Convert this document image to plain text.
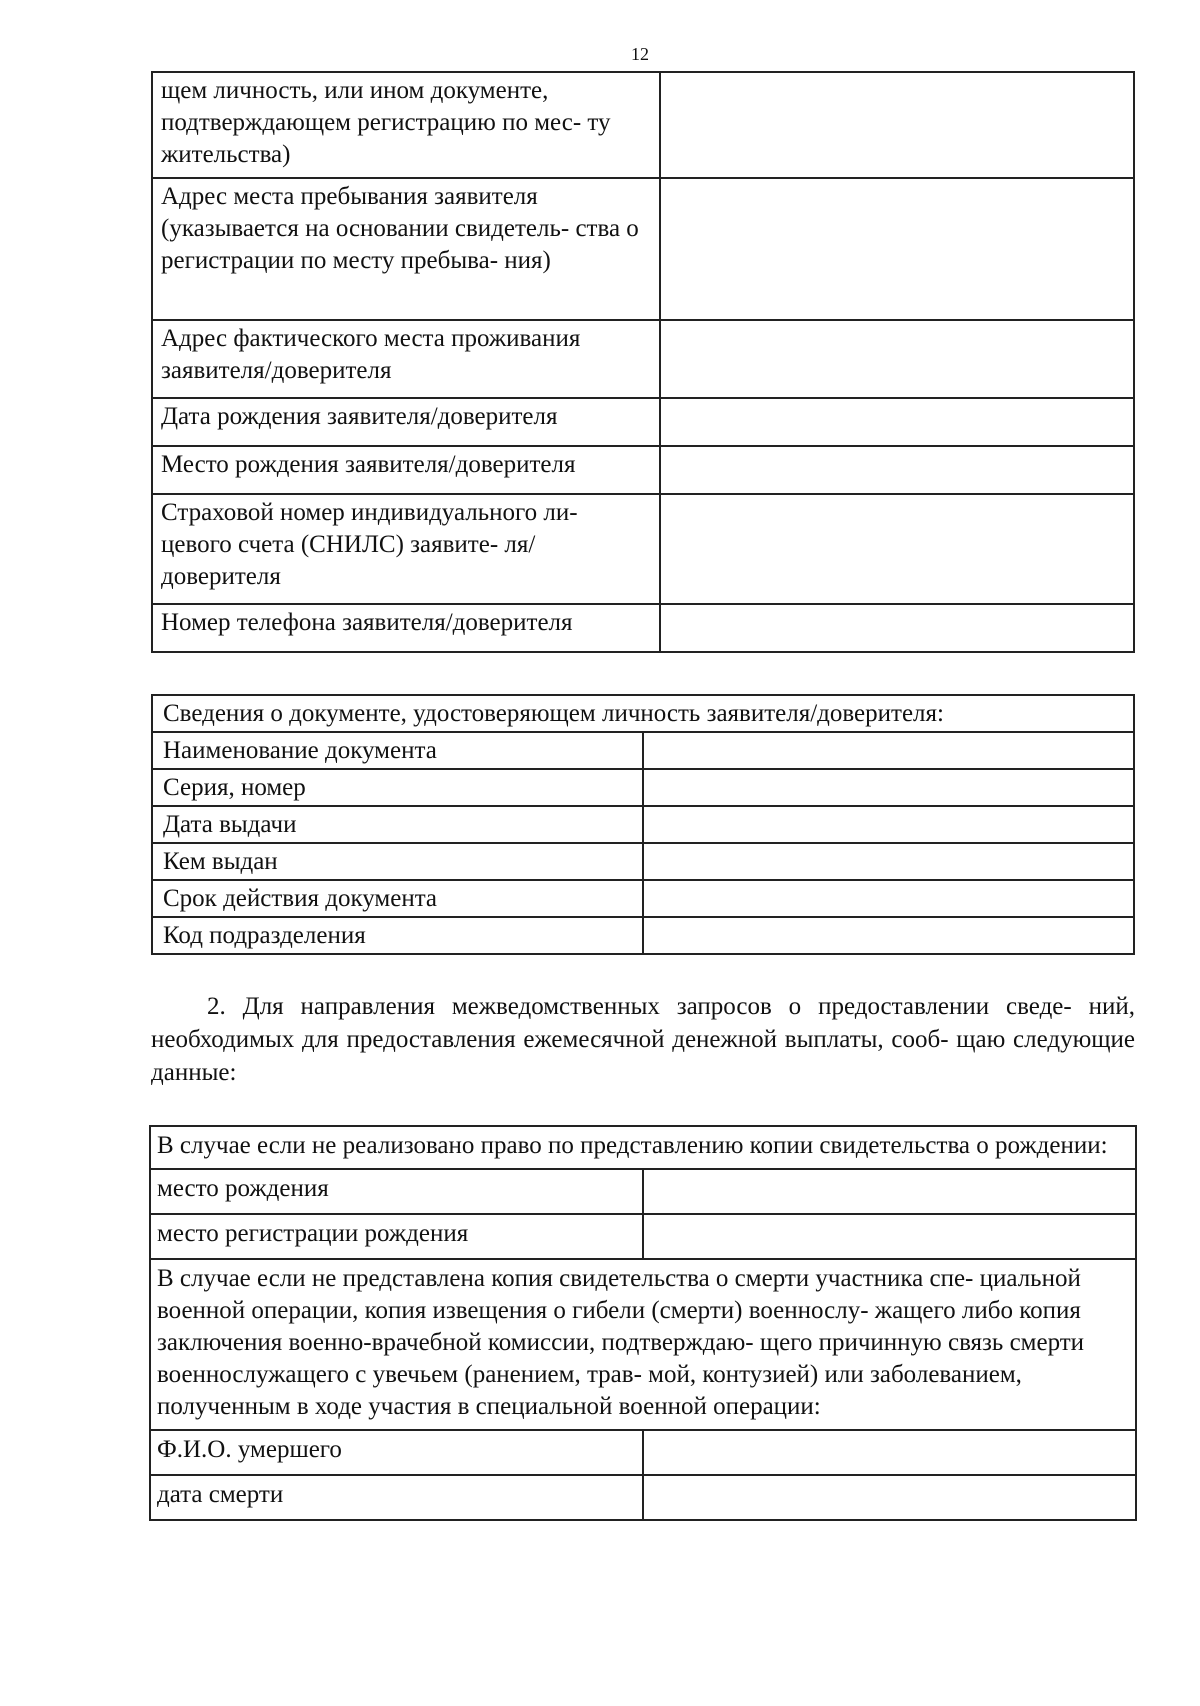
12
щем личность, или ином документе, подтверждающем регистрацию по мес- ту жительства)	
Адрес места пребывания заявителя (указывается на основании свидетель- ства о регистрации по месту пребыва- ния)	
Адрес фактического места проживания заявителя/доверителя	
Дата рождения заявителя/доверителя	
Место рождения заявителя/доверителя	
Страховой номер индивидуального ли- цевого счета (СНИЛС) заявите- ля/доверителя	
Номер телефона заявителя/доверителя	
Сведения о документе, удостоверяющем личность заявителя/доверителя:	
Наименование документа	
Серия, номер	
Дата выдачи	
Кем выдан	
Срок действия документа	
Код подразделения	

2. Для направления межведомственных запросов о предоставлении сведе- ний, необходимых для предоставления ежемесячной денежной выплаты, сооб- щаю следующие данные:

В случае если не реализовано право по представлению копии свидетельства о рождении:	
место рождения	
место регистрации рождения	
В случае если не представлена копия свидетельства о смерти участника спе- циальной военной операции, копия извещения о гибели (смерти) военнослу- жащего либо копия заключения военно-врачебной комиссии, подтверждаю- щего причинную связь смерти военнослужащего с увечьем (ранением, трав- мой, контузией) или заболеванием, полученным в ходе участия в специальной военной операции:	
Ф.И.О. умершего	
дата смерти	
